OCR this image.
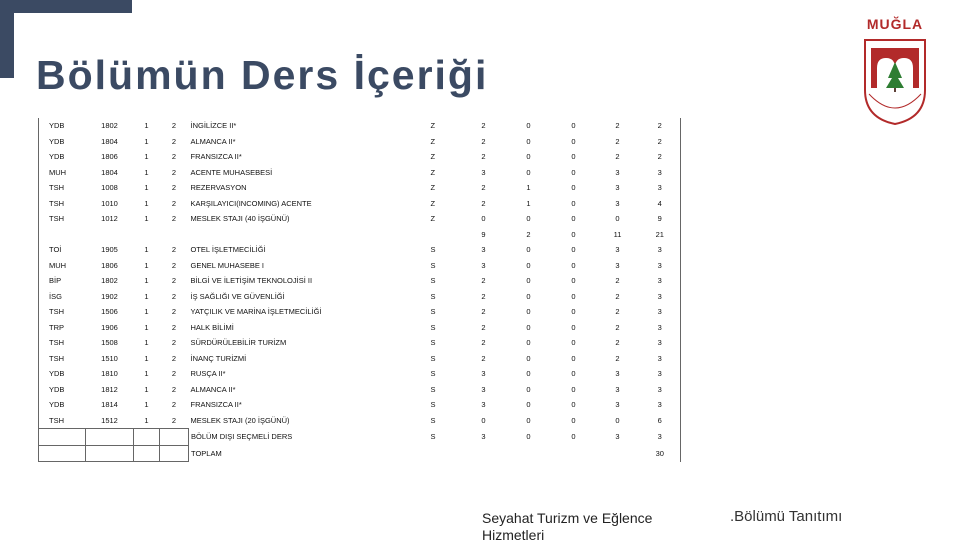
Bölümün Ders İçeriği
MUĞLA
YDB	1802	1	2	İNGİLİZCE II*	Z	2	0	0	2	2
YDB	1804	1	2	ALMANCA II*	Z	2	0	0	2	2
YDB	1806	1	2	FRANSIZCA II*	Z	2	0	0	2	2
MUH	1804	1	2	ACENTE MUHASEBESİ	Z	3	0	0	3	3
TSH	1008	1	2	REZERVASYON	Z	2	1	0	3	3
TSH	1010	1	2	KARŞILAYICI(INCOMING) ACENTE	Z	2	1	0	3	4
TSH	1012	1	2	MESLEK STAJI (40 İŞGÜNÜ)	Z	0	0	0	0	9
						9	2	0	11	21
TOİ	1905	1	2	OTEL İŞLETMECİLİĞİ	S	3	0	0	3	3
MUH	1806	1	2	GENEL MUHASEBE I	S	3	0	0	3	3
BİP	1802	1	2	BİLGİ VE İLETİŞİM TEKNOLOJİSİ II	S	2	0	0	2	3
İSG	1902	1	2	İŞ SAĞLIĞI VE GÜVENLİĞİ	S	2	0	0	2	3
TSH	1506	1	2	YATÇILIK VE MARİNA İŞLETMECİLİĞİ	S	2	0	0	2	3
TRP	1906	1	2	HALK BİLİMİ	S	2	0	0	2	3
TSH	1508	1	2	SÜRDÜRÜLEBİLİR TURİZM	S	2	0	0	2	3
TSH	1510	1	2	İNANÇ TURİZMİ	S	2	0	0	2	3
YDB	1810	1	2	RUSÇA II*	S	3	0	0	3	3
YDB	1812	1	2	ALMANCA II*	S	3	0	0	3	3
YDB	1814	1	2	FRANSIZCA II*	S	3	0	0	3	3
TSH	1512	1	2	MESLEK STAJI (20 İŞGÜNÜ)	S	0	0	0	0	6
				BÖLÜM DIŞI SEÇMELİ DERS	S	3	0	0	3	3
				TOPLAM						30
Seyahat Turizm ve Eğlence Hizmetleri
.Bölümü Tanıtımı
